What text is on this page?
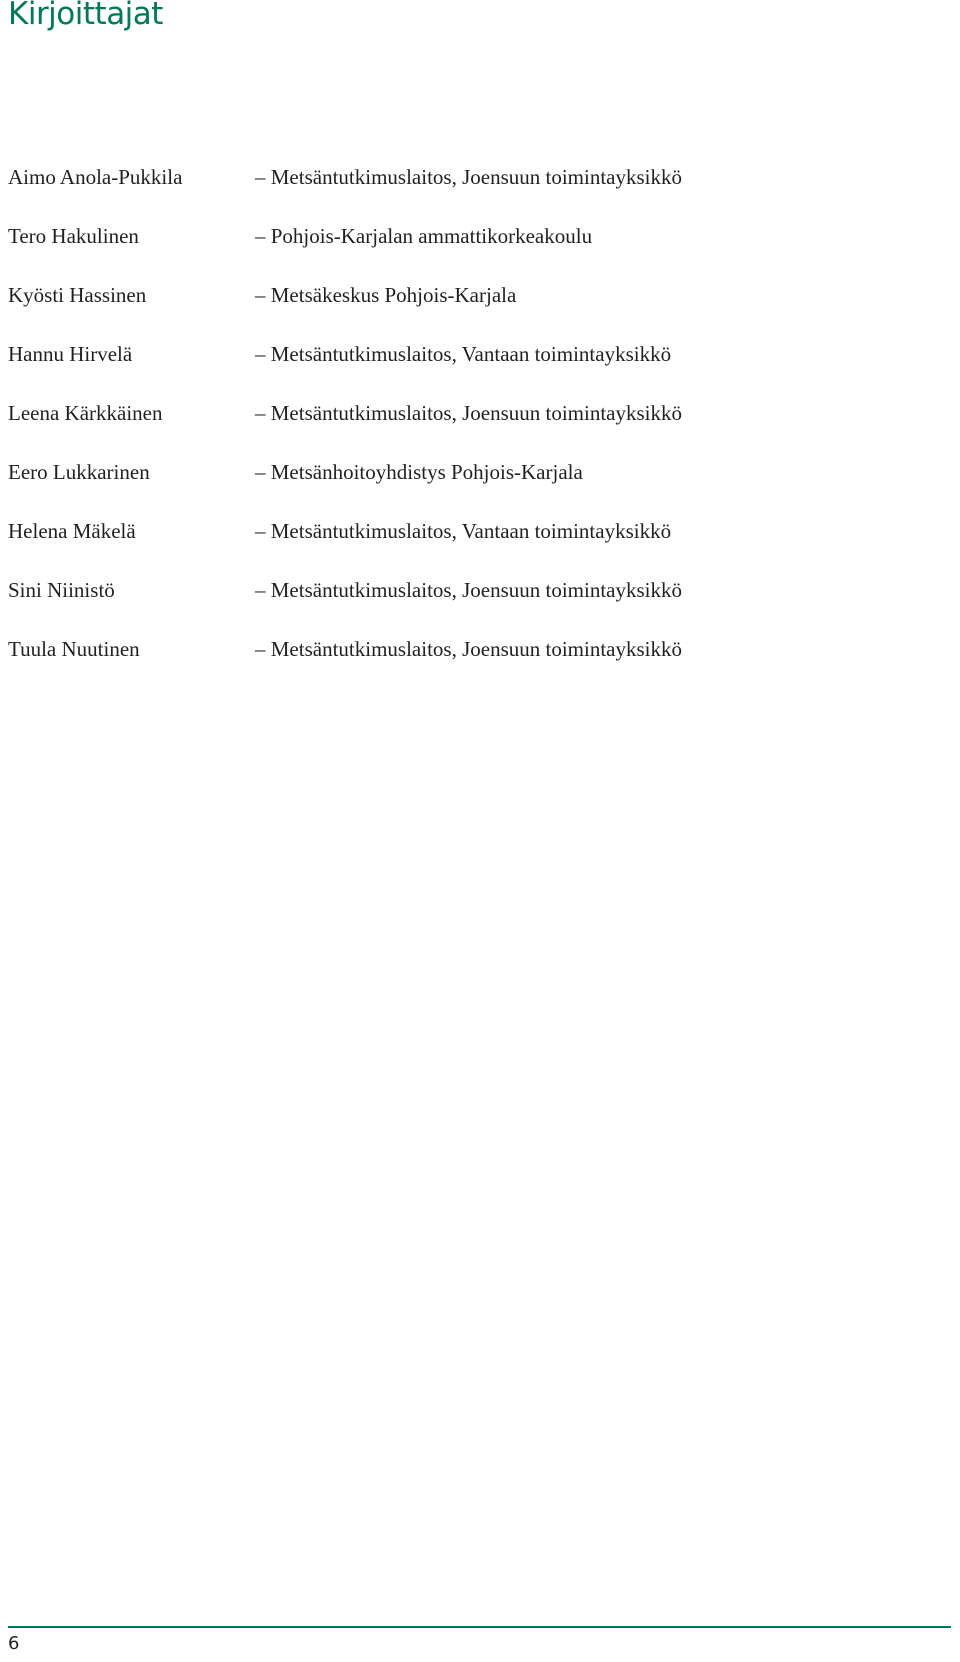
Kirjoittajat
Aimo Anola-Pukkila	– Metsäntutkimuslaitos, Joensuun toimintayksikkö
Tero Hakulinen	– Pohjois-Karjalan ammattikorkeakoulu
Kyösti Hassinen	– Metsäkeskus Pohjois-Karjala
Hannu Hirvelä	– Metsäntutkimuslaitos, Vantaan toimintayksikkö
Leena Kärkkäinen	– Metsäntutkimuslaitos, Joensuun toimintayksikkö
Eero Lukkarinen	– Metsänhoitoyhdistys Pohjois-Karjala
Helena Mäkelä	– Metsäntutkimuslaitos, Vantaan toimintayksikkö
Sini Niinistö	– Metsäntutkimuslaitos, Joensuun toimintayksikkö
Tuula Nuutinen	– Metsäntutkimuslaitos, Joensuun toimintayksikkö
6
